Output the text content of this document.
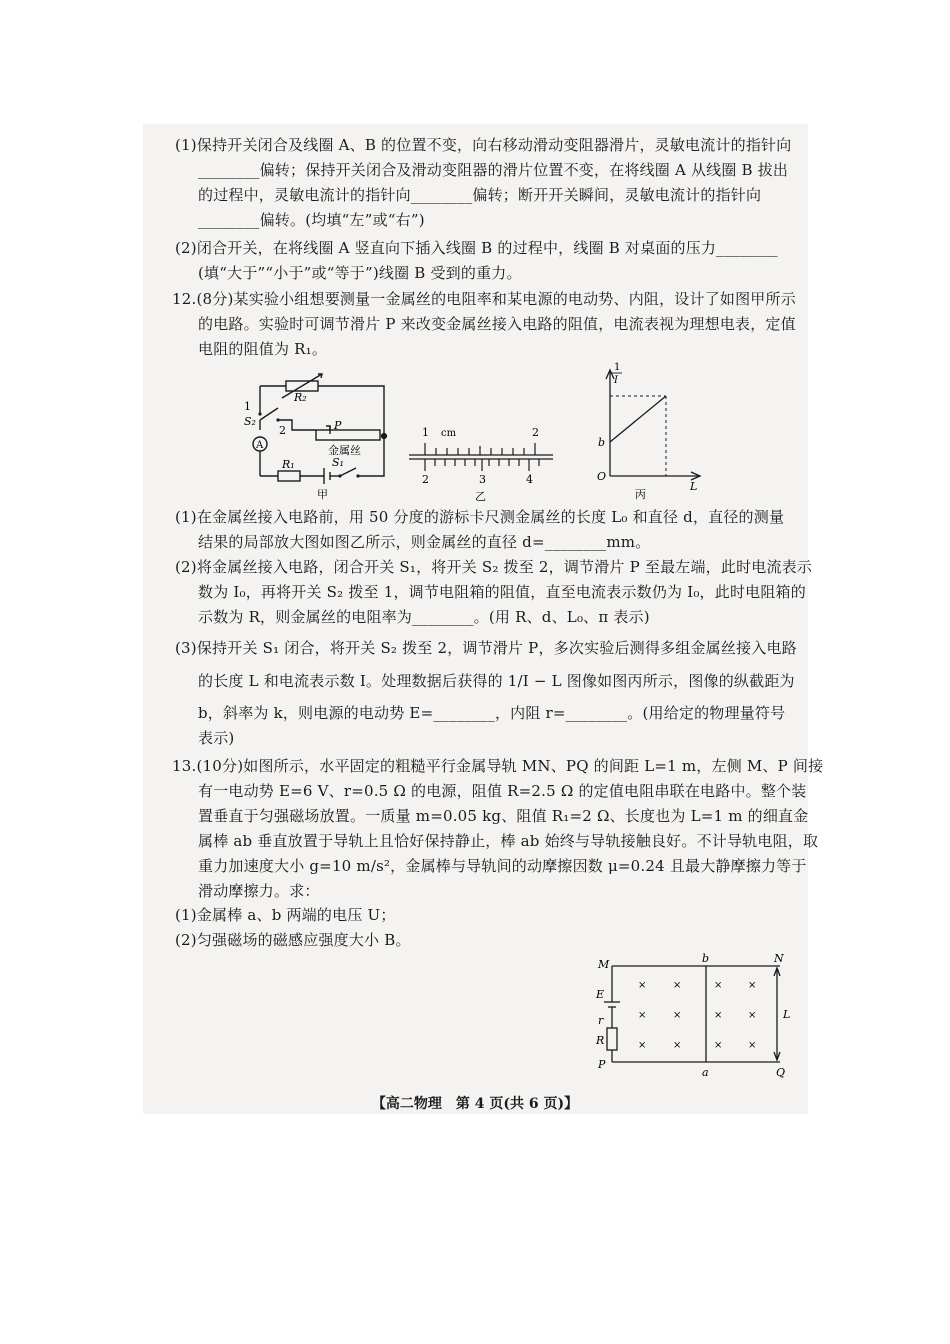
(1)保持开关闭合及线圈 A、B 的位置不变，向右移动滑动变阻器滑片，灵敏电流计的指针向
________偏转；保持开关闭合及滑动变阻器的滑片位置不变，在将线圈 A 从线圈 B 拔出
的过程中，灵敏电流计的指针向________偏转；断开开关瞬间，灵敏电流计的指针向
________偏转。(均填“左”或“右”)
(2)闭合开关，在将线圈 A 竖直向下插入线圈 B 的过程中，线圈 B 对桌面的压力________
(填“大于”“小于”或“等于”)线圈 B 受到的重力。
12.(8分)某实验小组想要测量一金属丝的电阻率和某电源的电动势、内阻，设计了如图甲所示
的电路。实验时可调节滑片 P 来改变金属丝接入电路的阻值，电流表视为理想电表，定值
电阻的阻值为 R₁。
R₂
1
S₂
2
A
P
金属丝
R₁	S₁
甲
1 cm	2
2	3	4
乙
1
I
b
O
L
丙
(1)在金属丝接入电路前，用 50 分度的游标卡尺测金属丝的长度 L₀ 和直径 d，直径的测量
结果的局部放大图如图乙所示，则金属丝的直径 d=________mm。
(2)将金属丝接入电路，闭合开关 S₁，将开关 S₂ 拨至 2，调节滑片 P 至最左端，此时电流表示
数为 I₀，再将开关 S₂ 拨至 1，调节电阻箱的阻值，直至电流表示数仍为 I₀，此时电阻箱的
示数为 R，则金属丝的电阻率为________。(用 R、d、L₀、π 表示)
(3)保持开关 S₁ 闭合，将开关 S₂ 拨至 2，调节滑片 P，多次实验后测得多组金属丝接入电路
的长度 L 和电流表示数 I。处理数据后获得的 1/I − L 图像如图丙所示，图像的纵截距为
b，斜率为 k，则电源的电动势 E=________，内阻 r=________。(用给定的物理量符号
表示)
13.(10分)如图所示，水平固定的粗糙平行金属导轨 MN、PQ 的间距 L=1 m，左侧 M、P 间接
有一电动势 E=6 V、r=0.5 Ω 的电源，阻值 R=2.5 Ω 的定值电阻串联在电路中。整个装
置垂直于匀强磁场放置。一质量 m=0.05 kg、阻值 R₁=2 Ω、长度也为 L=1 m 的细直金
属棒 ab 垂直放置于导轨上且恰好保持静止，棒 ab 始终与导轨接触良好。不计导轨电阻，取
重力加速度大小 g=10 m/s²，金属棒与导轨间的动摩擦因数 μ=0.24 且最大静摩擦力等于
滑动摩擦力。求：
(1)金属棒 a、b 两端的电压 U；
(2)匀强磁场的磁感应强度大小 B。
M	b	N
E
r
R
P
a	Q
L
×	×	×	×
×	×	×	×
×	×	×	×
【高二物理　第 4 页(共 6 页)】
